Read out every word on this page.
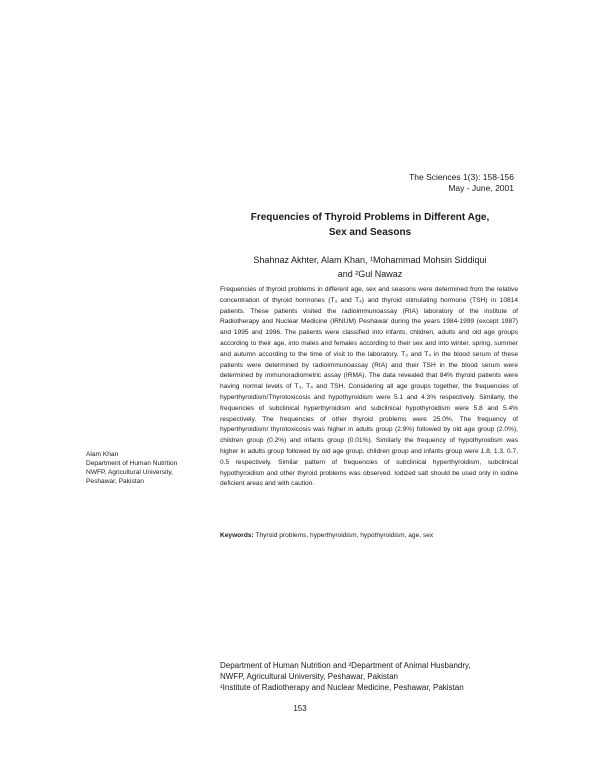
The Sciences 1(3): 158-156
May - June, 2001
Frequencies of Thyroid Problems in Different Age,
Sex and Seasons
Shahnaz Akhter, Alam Khan, ¹Mohammad Mohsin Siddiqui
and ²Gul Nawaz

Frequencies of thyroid problems in different age, sex and seasons were determined from the relative concentration of thyroid hormones (T₃ and T₄) and thyroid stimulating hormone (TSH) in 10814 patients. These patients visited the radioimmunoassay (RIA) laboratory of the institute of Radiotherapy and Nuclear Medicine (IRNUM) Peshawar during the years 1984-1999 (except 1987) and 1995 and 1996. The patients were classified into infants, children, adults and old age groups according to their age, into males and females according to their sex and into winter, spring, summer and autumn according to the time of visit to the laboratory. T₃ and T₄ in the blood serum of these patients were determined by radioimmunoassay (RIA) and their TSH in the blood serum were determined by immunoradiometric assay (IRMA). The data revealed that 84% thyroid patients were having normal levels of T₃, T₄ and TSH. Considering all age groups together, the frequencies of hyperthyroidism/Thyrotoxicosis and hypothyroidism were 5.1 and 4.3% respectively. Similarly, the frequencies of subclinical hyperthyroidism and subclinical hypothyroidism were 5.8 and 5.4% respectively. The frequencies of other thyroid problems were 25.0%. The frequency of hyperthyroidism/ thyrotoxicosis was higher in adults group (2.9%) followed by old age group (2.0%), children group (0.2%) and infants group (0.01%). Similarly the frequency of hypothyroidism was higher in adults group followed by old age group, children group and infants group were 1.8, 1.3, 0.7, 0.5 respectively. Similar pattern of frequencies of subclinical hyperthyroidism, subclinical hypothyroidism and other thyroid problems was observed. Iodized salt should be used only in iodine deficient areas and with caution.

Alam Khan
Department of Human Nutrition
NWFP, Agricultural University,
Peshawar, Pakistan
Keywords: Thyroid problems, hyperthyroidism, hypothyroidism, age, sex
Department of Human Nutrition and ²Department of Animal Husbandry,
NWFP, Agricultural University, Peshawar, Pakistan
¹Institute of Radiotherapy and Nuclear Medicine, Peshawar, Pakistan
153
